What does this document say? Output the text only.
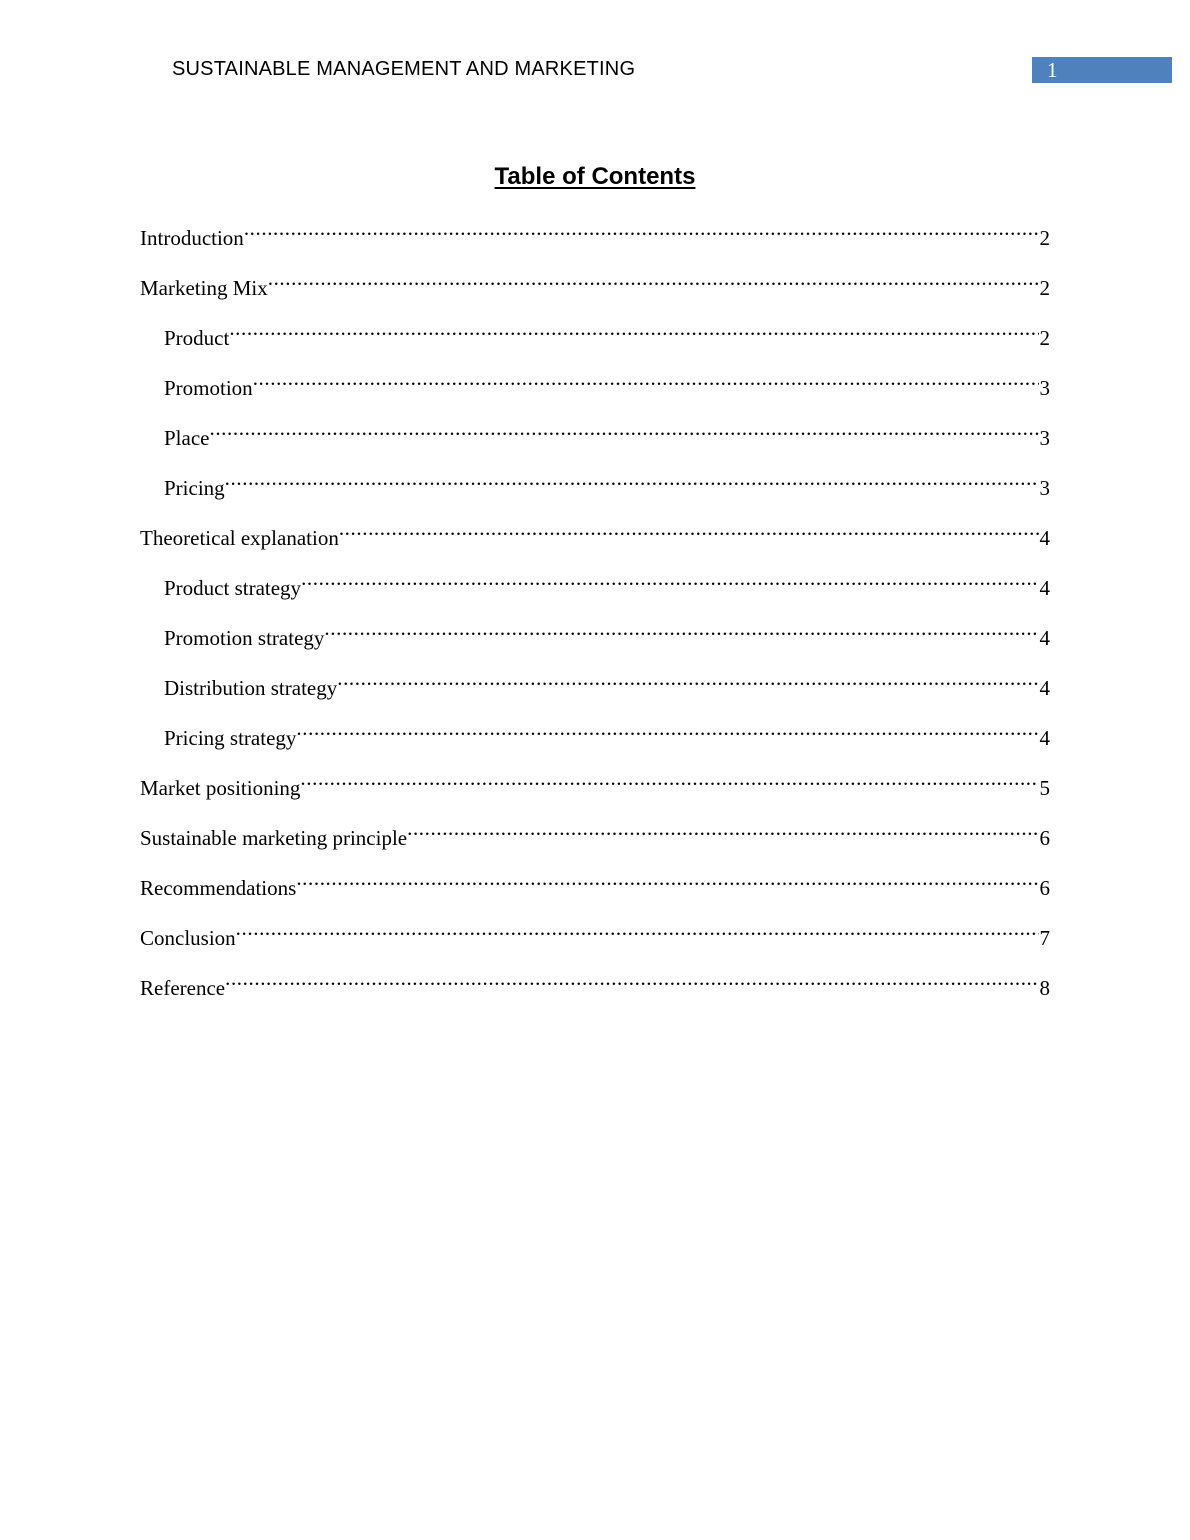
SUSTAINABLE MANAGEMENT AND MARKETING	1
Table of Contents
Introduction .....	2
Marketing Mix .....	2
Product .....	2
Promotion .....	3
Place .....	3
Pricing .....	3
Theoretical explanation .....	4
Product strategy .....	4
Promotion strategy .....	4
Distribution strategy .....	4
Pricing strategy .....	4
Market positioning .....	5
Sustainable marketing principle .....	6
Recommendations .....	6
Conclusion .....	7
Reference .....	8
